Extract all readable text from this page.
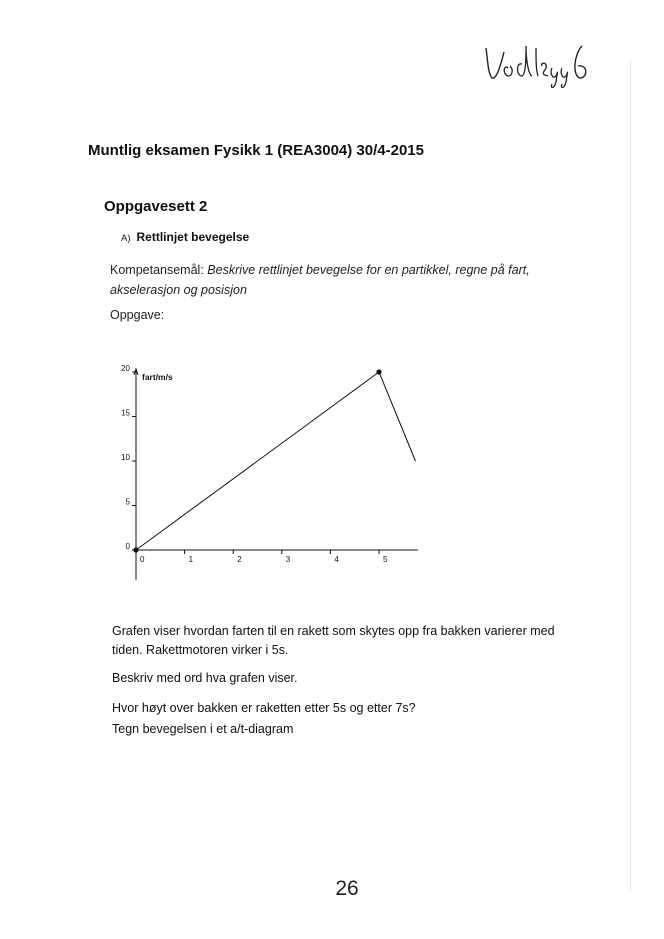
Muntlig eksamen Fysikk 1 (REA3004) 30/4-2015
Oppgavesett 2
A) Rettlinjet bevegelse
Kompetansemål: Beskrive rettlinjet bevegelse for en partikkel, regne på fart, akselerasjon og posisjon
Oppgave:
0
5
10
15
20
0	1	2	3	4	5
fart/m/s
Grafen viser hvordan farten til en rakett som skytes opp fra bakken varierer med tiden. Rakettmotoren virker i 5s.
Beskriv med ord hva grafen viser.
Hvor høyt over bakken er raketten etter 5s og etter 7s?
Tegn bevegelsen i et a/t-diagram
26
